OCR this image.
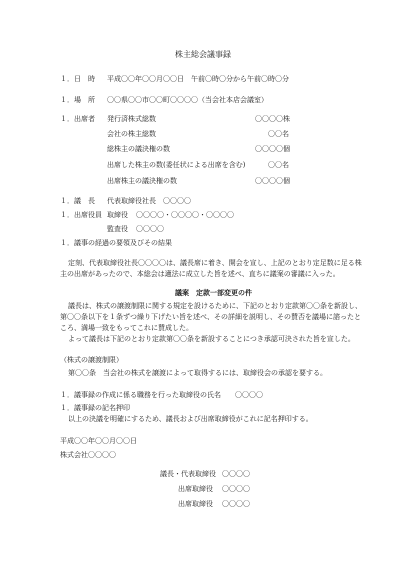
株主総会議事録
１．日　時 平成〇〇年〇〇月〇〇日　午前〇時〇分から午前〇時〇分
１．場　所 〇〇県〇〇市〇〇町〇〇〇〇（当会社本店会議室）
１．出席者 発行済株式総数	〇〇〇〇株
会社の株主総数	〇〇名
総株主の議決権の数	〇〇〇〇個
出席した株主の数(委任状による出席を含む)	〇〇名
出席株主の議決権の数	〇〇〇〇個
１．議　長 代表取締役社長　〇〇〇〇
１．出席役員 取締役 〇〇〇〇・〇〇〇〇・〇〇〇〇
監査役 〇〇〇〇
１．議事の経過の要領及びその結果
定刻、代表取締役社長〇〇〇〇は、議長席に着き、開会を宣し、上記のとおり定足数に足る株
主の出席があったので、本総会は適法に成立した旨を述べ、直ちに議案の審議に入った。
議案　定款一部変更の件
議長は、株式の譲渡制限に関する規定を設けるために、下記のとおり定款第〇〇条を新設し、
第〇〇条以下を１条ずつ繰り下げたい旨を述べ、その詳細を説明し、その賛否を議場に諮ったと
ころ、満場一致をもってこれに賛成した。
よって議長は下記のとおり定款第〇〇条を新設することにつき承認可決された旨を宣した。
（株式の譲渡制限）
第〇〇条　当会社の株式を譲渡によって取得するには、取締役会の承認を要する。
１．議事録の作成に係る職務を行った取締役の氏名　　〇〇〇〇
１．議事録の記名押印
以上の決議を明確にするため、議長および出席取締役がこれに記名押印する。
平成〇〇年〇〇月〇〇日
株式会社〇〇〇〇
議長・代表取締役 〇〇〇〇
出席取締役 〇〇〇〇
出席取締役 〇〇〇〇
